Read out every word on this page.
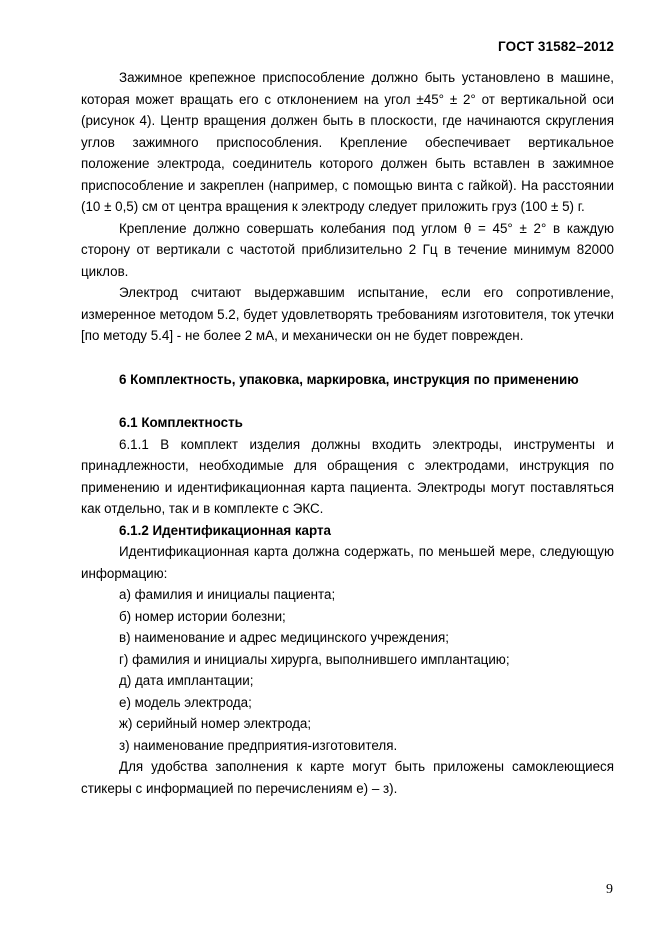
ГОСТ 31582–2012

Зажимное крепежное приспособление должно быть установлено в машине, которая может вращать его с отклонением на угол ±45° ± 2° от вертикальной оси (рисунок 4). Центр вращения должен быть в плоскости, где начинаются скругления углов зажимного приспособления. Крепление обеспечивает вертикальное положение электрода, соединитель которого должен быть вставлен в зажимное приспособление и закреплен (например, с помощью винта с гайкой). На расстоянии (10 ± 0,5) см от центра вращения к электроду следует приложить груз (100 ± 5) г.

Крепление должно совершать колебания под углом θ = 45° ± 2° в каждую сторону от вертикали с частотой приблизительно 2 Гц в течение минимум 82000 циклов.

Электрод считают выдержавшим испытание, если его сопротивление, измеренное методом 5.2, будет удовлетворять требованиям изготовителя, ток утечки [по методу 5.4] - не более 2 мА, и механически он не будет поврежден.

6 Комплектность, упаковка, маркировка, инструкция по применению

6.1 Комплектность

6.1.1 В комплект изделия должны входить электроды, инструменты и принадлежности, необходимые для обращения с электродами, инструкция по применению и идентификационная карта пациента. Электроды могут поставляться как отдельно, так и в комплекте с ЭКС.

6.1.2 Идентификационная карта

Идентификационная карта должна содержать, по меньшей мере, следующую информацию:

а) фамилия и инициалы пациента;

б) номер истории болезни;

в) наименование и адрес медицинского учреждения;

г) фамилия и инициалы хирурга, выполнившего имплантацию;

д) дата имплантации;

е) модель электрода;

ж) серийный номер электрода;

з) наименование предприятия-изготовителя.

Для удобства заполнения к карте могут быть приложены самоклеющиеся стикеры с информацией по перечислениям е) – з).

9
